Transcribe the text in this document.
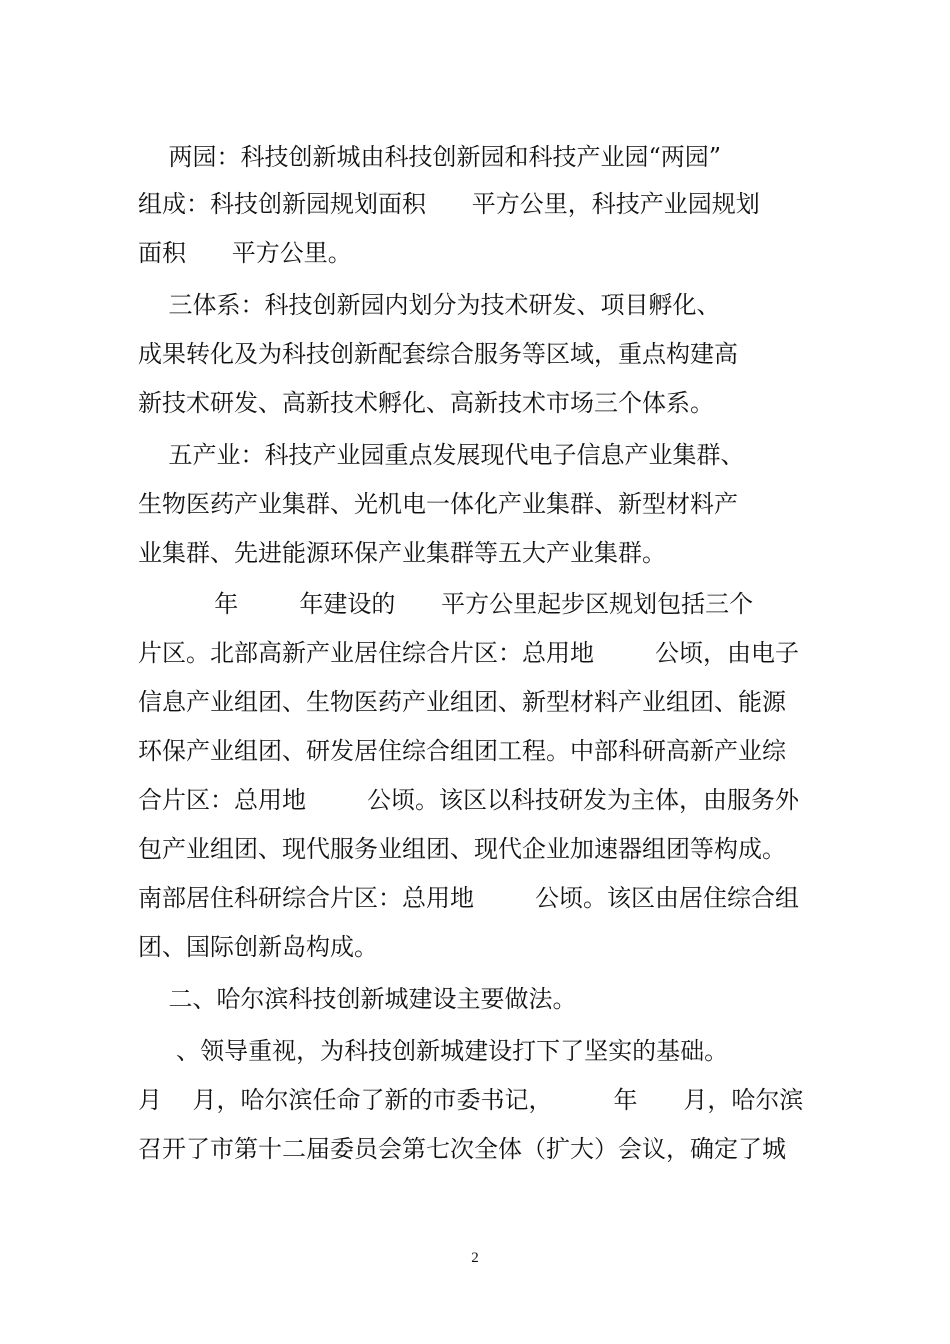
两园：科技创新城由科技创新园和科技产业园“两园”
组成：科技创新园规划面积      平方公里，科技产业园规划
面积      平方公里。
三体系：科技创新园内划分为技术研发、项目孵化、
成果转化及为科技创新配套综合服务等区域，重点构建高
新技术研发、高新技术孵化、高新技术市场三个体系。
五产业：科技产业园重点发展现代电子信息产业集群、
生物医药产业集群、光机电一体化产业集群、新型材料产
业集群、先进能源环保产业集群等五大产业集群。
年        年建设的      平方公里起步区规划包括三个
片区。北部高新产业居住综合片区：总用地        公顷，由电子
信息产业组团、生物医药产业组团、新型材料产业组团、能源
环保产业组团、研发居住综合组团工程。中部科研高新产业综
合片区：总用地        公顷。该区以科技研发为主体，由服务外
包产业组团、现代服务业组团、现代企业加速器组团等构成。
南部居住科研综合片区：总用地        公顷。该区由居住综合组
团、国际创新岛构成。
二、哈尔滨科技创新城建设主要做法。
、领导重视，为科技创新城建设打下了坚实的基础。
月    月，哈尔滨任命了新的市委书记，        年      月，哈尔滨
召开了市第十二届委员会第七次全体（扩大）会议，确定了城
2
